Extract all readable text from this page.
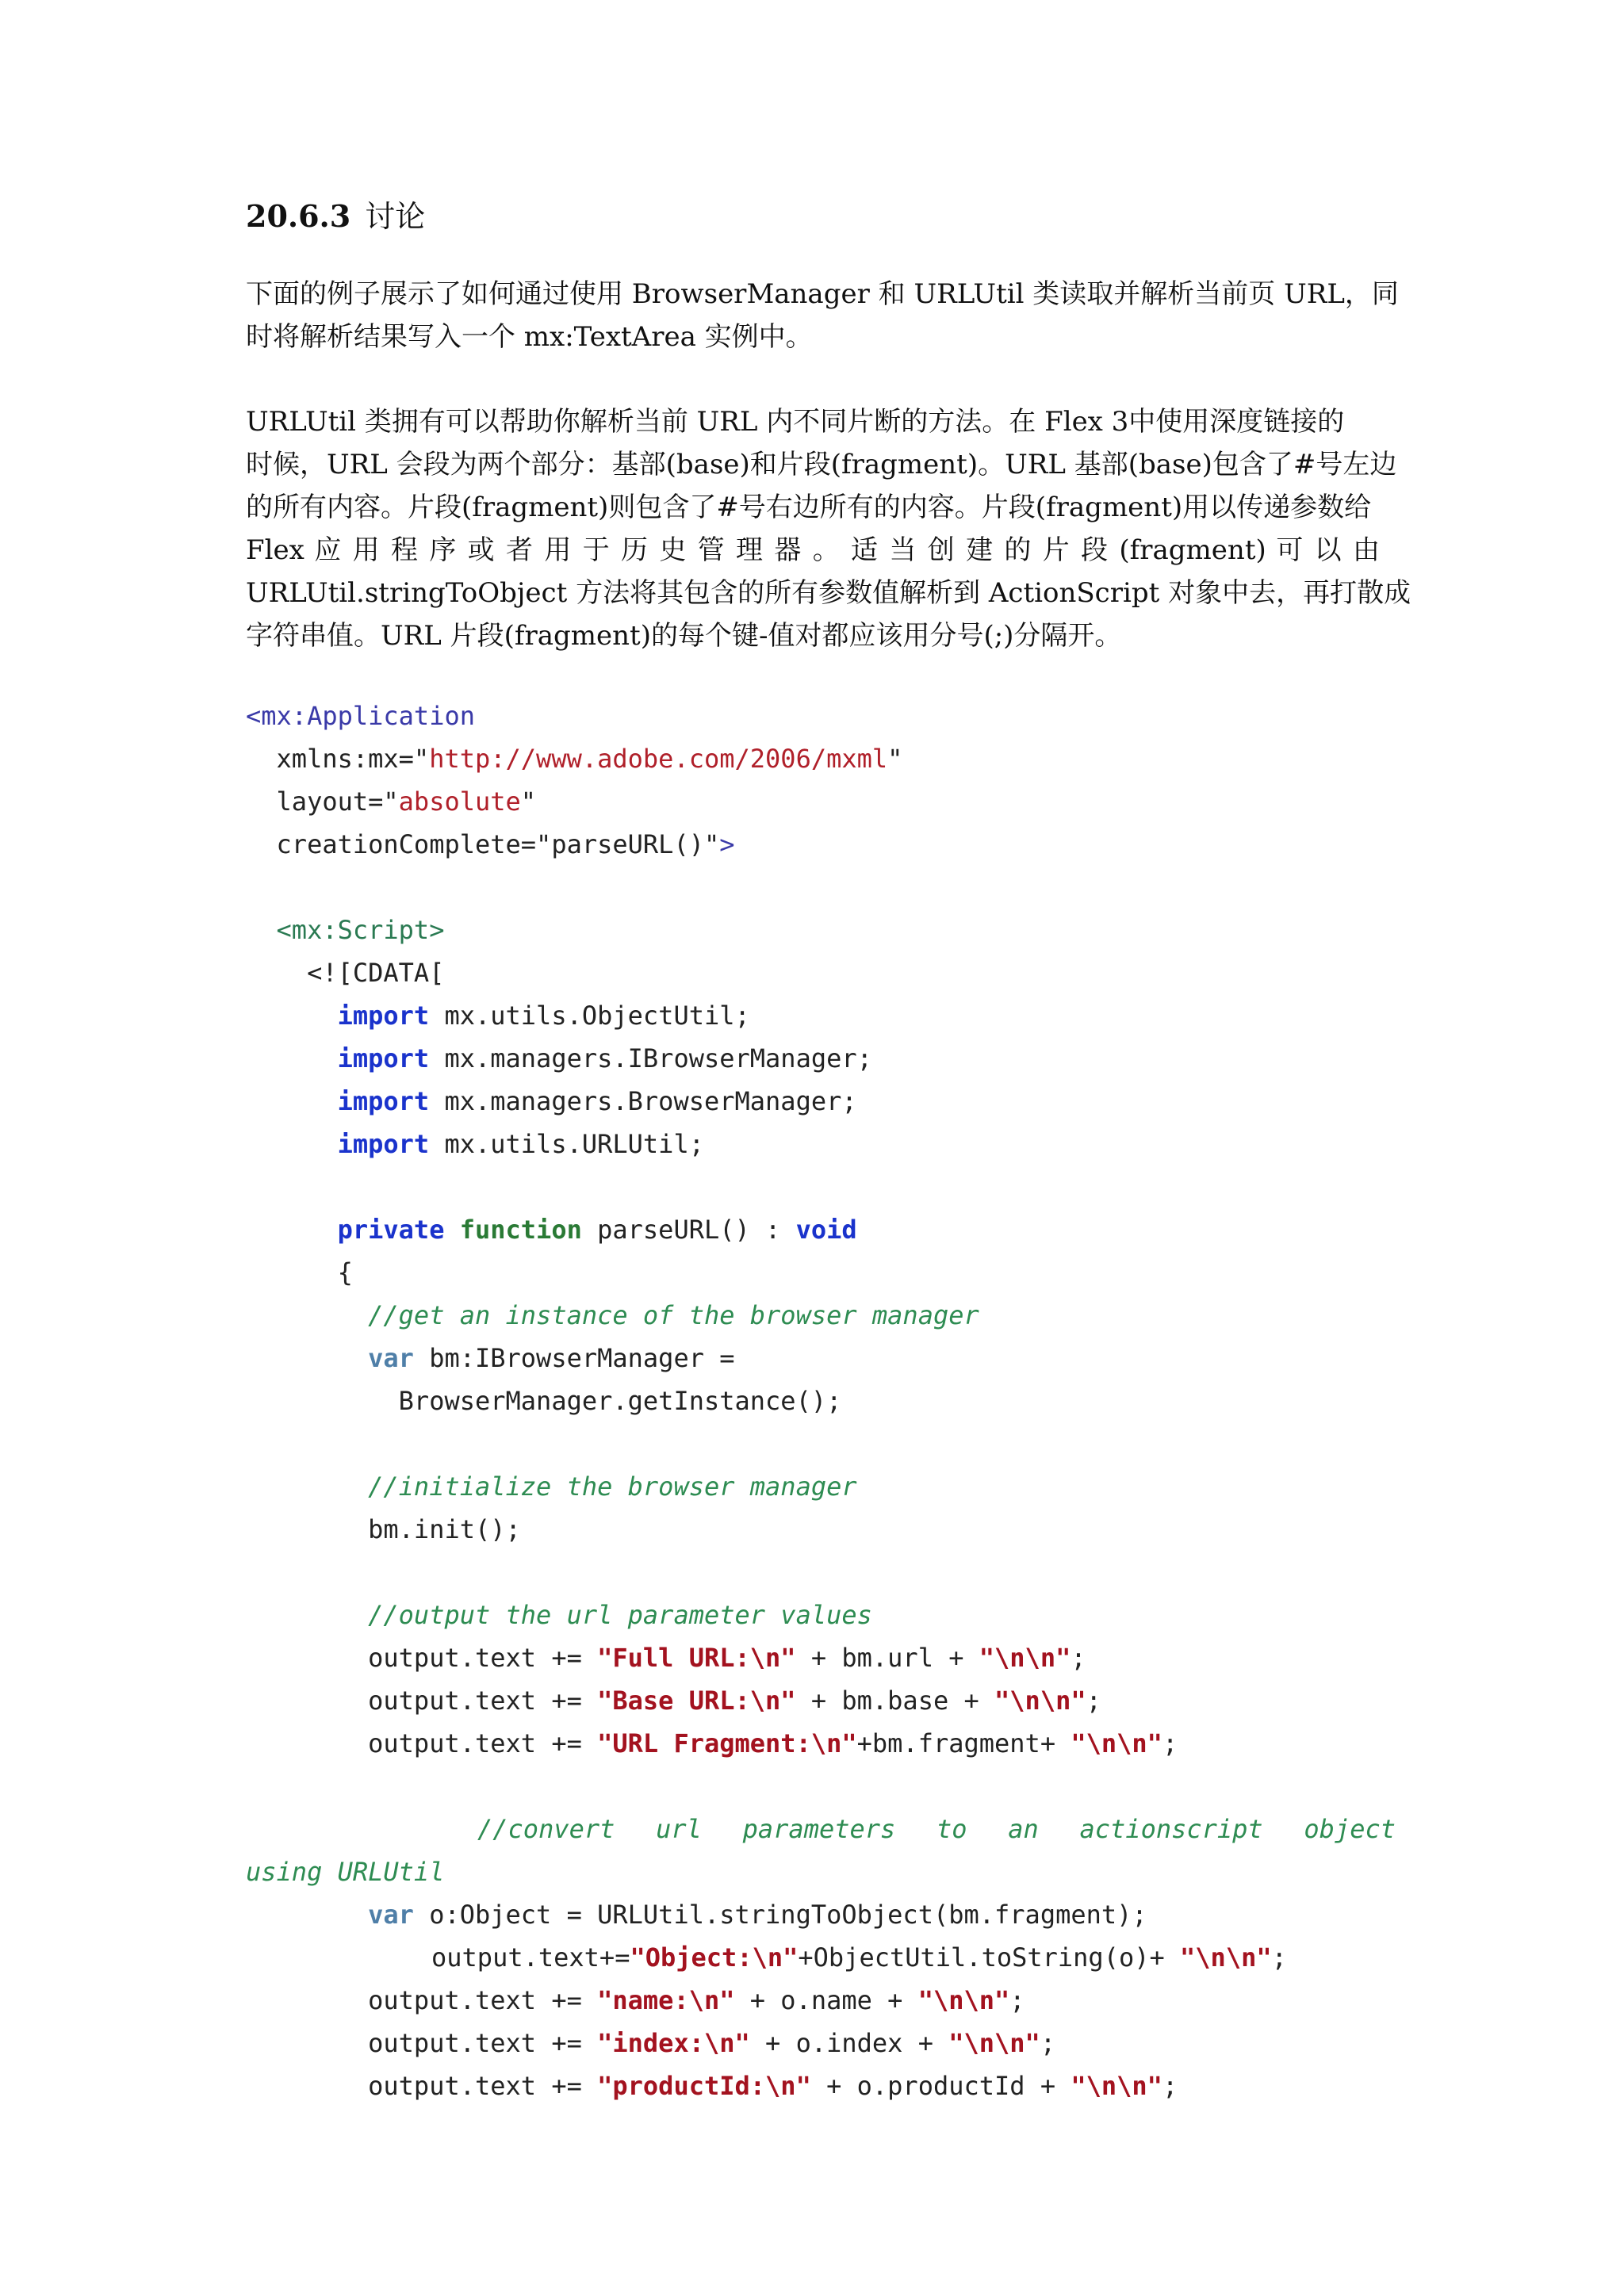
20.6.3 讨论
下面的例子展示了如何通过使用 BrowserManager 和 URLUtil 类读取并解析当前页 URL，同
时将解析结果写入一个 mx:TextArea 实例中。
URLUtil 类拥有可以帮助你解析当前 URL 内不同片断的方法。在 Flex 3中使用深度链接的
时候，URL 会段为两个部分：基部(base)和片段(fragment)。URL 基部(base)包含了#号左边
的所有内容。片段(fragment)则包含了#号右边所有的内容。片段(fragment)用以传递参数给
Flex 应 用 程 序 或 者 用 于 历 史 管 理 器 。 适 当 创 建 的 片 段 (fragment) 可 以 由
URLUtil.stringToObject 方法将其包含的所有参数值解析到 ActionScript 对象中去，再打散成
字符串值。URL 片段(fragment)的每个键-值对都应该用分号(;)分隔开。
<mx:Application
xmlns:mx="http://www.adobe.com/2006/mxml"
layout="absolute"
creationComplete="parseURL()">

<mx:Script>
<![CDATA[
import mx.utils.ObjectUtil;
import mx.managers.IBrowserManager;
import mx.managers.BrowserManager;
import mx.utils.URLUtil;

private function parseURL() : void
{
//get an instance of the browser manager
var bm:IBrowserManager =
BrowserManager.getInstance();

//initialize the browser manager
bm.init();

//output the url parameter values
output.text += "Full URL:\n" + bm.url + "\n\n";
output.text += "Base URL:\n" + bm.base + "\n\n";
output.text += "URL Fragment:\n"+bm.fragment+ "\n\n";

//convert url parameters to an actionscript object
using URLUtil
var o:Object = URLUtil.stringToObject(bm.fragment);
output.text+="Object:\n"+ObjectUtil.toString(o)+ "\n\n";
output.text += "name:\n" + o.name + "\n\n";
output.text += "index:\n" + o.index + "\n\n";
output.text += "productId:\n" + o.productId + "\n\n";
